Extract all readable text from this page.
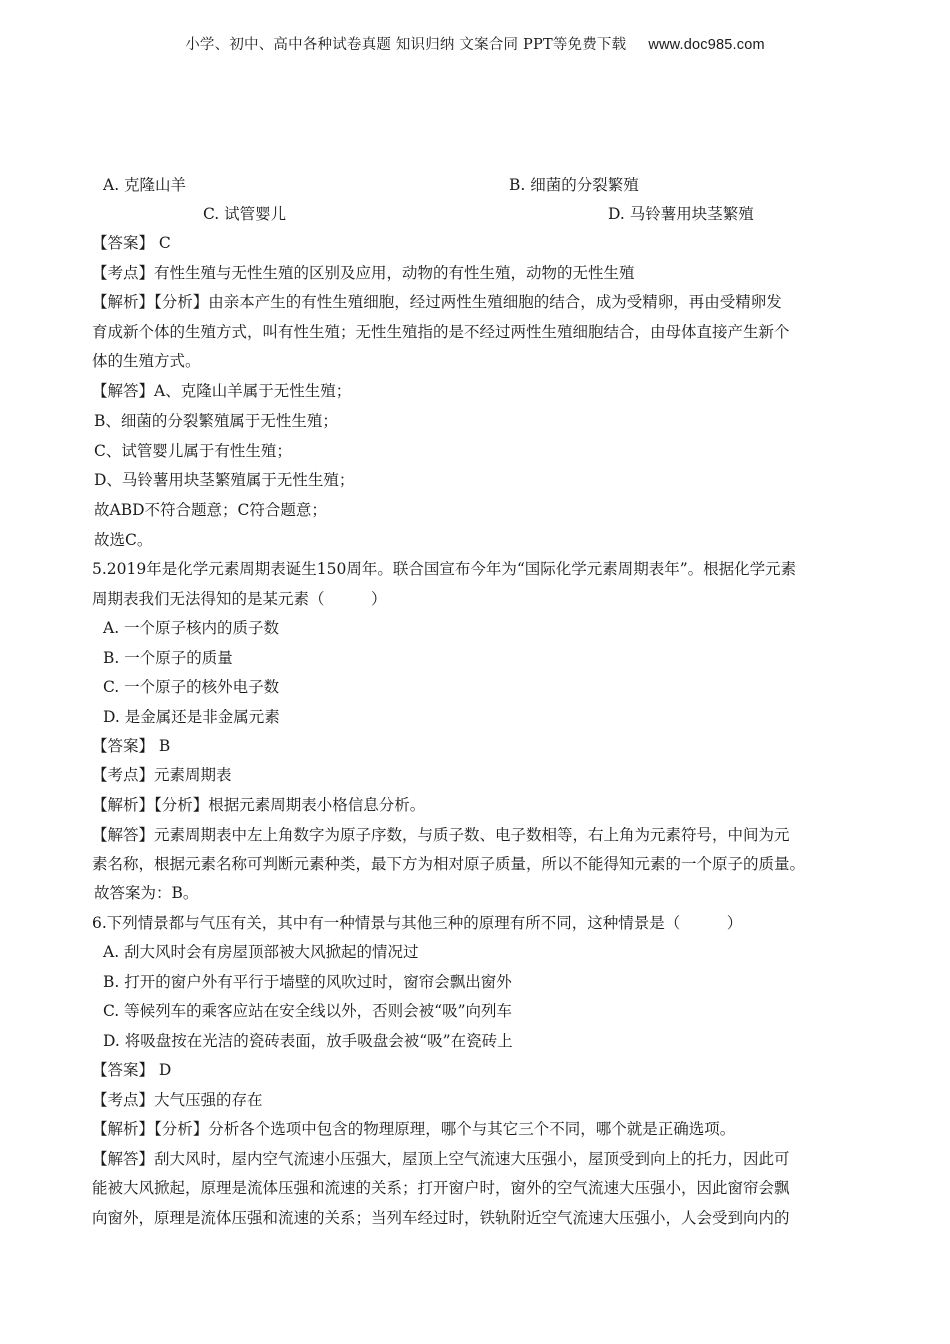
小学、初中、高中各种试卷真题 知识归纳 文案合同 PPT等免费下载 www.doc985.com
A. 克隆山羊	B. 细菌的分裂繁殖
C. 试管婴儿	D. 马铃薯用块茎繁殖
【答案】 C
【考点】有性生殖与无性生殖的区别及应用，动物的有性生殖，动物的无性生殖
【解析】【分析】由亲本产生的有性生殖细胞，经过两性生殖细胞的结合，成为受精卵，再由受精卵发
育成新个体的生殖方式，叫有性生殖；无性生殖指的是不经过两性生殖细胞结合，由母体直接产生新个
体的生殖方式。
【解答】A、克隆山羊属于无性生殖；
B、细菌的分裂繁殖属于无性生殖；
C、试管婴儿属于有性生殖；
D、马铃薯用块茎繁殖属于无性生殖；
故ABD不符合题意；C符合题意；
故选C。
5.2019年是化学元素周期表诞生150周年。联合国宣布今年为“国际化学元素周期表年”。根据化学元素
周期表我们无法得知的是某元素（　　　）
A. 一个原子核内的质子数
B. 一个原子的质量
C. 一个原子的核外电子数
D. 是金属还是非金属元素
【答案】 B
【考点】元素周期表
【解析】【分析】根据元素周期表小格信息分析。
【解答】元素周期表中左上角数字为原子序数，与质子数、电子数相等，右上角为元素符号，中间为元
素名称，根据元素名称可判断元素种类，最下方为相对原子质量，所以不能得知元素的一个原子的质量。
故答案为：B。
6.下列情景都与气压有关，其中有一种情景与其他三种的原理有所不同，这种情景是（　　　）
A. 刮大风时会有房屋顶部被大风掀起的情况过
B. 打开的窗户外有平行于墙壁的风吹过时，窗帘会飘出窗外
C. 等候列车的乘客应站在安全线以外，否则会被“吸”向列车
D. 将吸盘按在光洁的瓷砖表面，放手吸盘会被“吸”在瓷砖上
【答案】 D
【考点】大气压强的存在
【解析】【分析】分析各个选项中包含的物理原理，哪个与其它三个不同，哪个就是正确选项。
【解答】刮大风时，屋内空气流速小压强大，屋顶上空气流速大压强小，屋顶受到向上的托力，因此可
能被大风掀起，原理是流体压强和流速的关系；打开窗户时，窗外的空气流速大压强小，因此窗帘会飘
向窗外，原理是流体压强和流速的关系；当列车经过时，铁轨附近空气流速大压强小，人会受到向内的
